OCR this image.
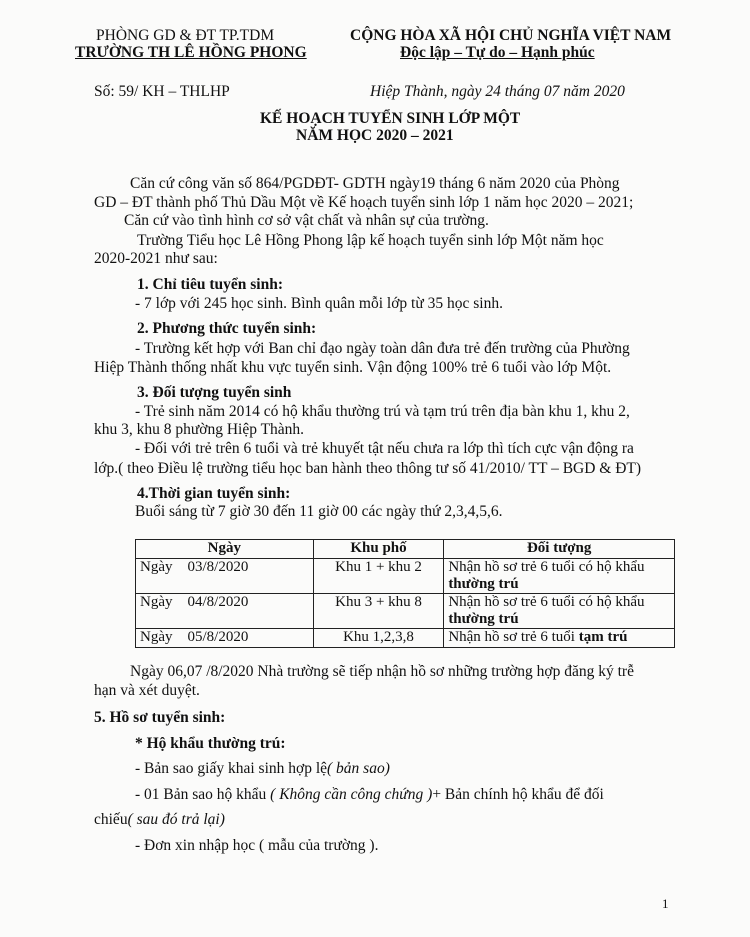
PHÒNG GD & ĐT TP.TDM
TRƯỜNG TH LÊ HỒNG PHONG
CỘNG HÒA XÃ HỘI CHỦ NGHĨA VIỆT NAM
Độc lập – Tự do – Hạnh phúc
Số: 59/ KH – THLHP	Hiệp Thành, ngày 24 tháng 07 năm 2020
KẾ HOẠCH TUYỂN SINH LỚP MỘT
NĂM HỌC 2020 – 2021
Căn cứ công văn số 864/PGDĐT- GDTH ngày19 tháng 6 năm 2020 của Phòng
GD – ĐT thành phố Thủ Dầu Một về Kế hoạch tuyển sinh lớp 1 năm học 2020 – 2021;
Căn cứ vào tình hình cơ sở vật chất và nhân sự của trường.
Trường Tiểu học Lê Hồng Phong lập kế hoạch tuyển sinh lớp Một năm học
2020-2021 như sau:
1. Chỉ tiêu tuyển sinh:
- 7 lớp với 245 học sinh. Bình quân mỗi lớp từ 35 học sinh.
2. Phương thức tuyển sinh:
- Trường kết hợp với Ban chỉ đạo ngày toàn dân đưa trẻ đến trường của Phường
Hiệp Thành thống nhất khu vực tuyển sinh. Vận động 100% trẻ 6 tuổi vào lớp Một.
3. Đối tượng tuyển sinh
- Trẻ sinh năm 2014 có hộ khẩu thường trú và tạm trú trên địa bàn khu 1, khu 2,
khu 3, khu 8 phường Hiệp Thành.
- Đối với trẻ trên 6 tuổi và trẻ khuyết tật nếu chưa ra lớp thì tích cực vận động ra
lớp.( theo Điều lệ trường tiểu học ban hành theo thông tư số 41/2010/ TT – BGD & ĐT)
4.Thời gian tuyển sinh:
Buổi sáng từ 7 giờ 30 đến 11 giờ 00 các ngày thứ 2,3,4,5,6.
Ngày	Khu phố	Đối tượng
Ngày    03/8/2020	Khu 1 + khu 2	Nhận hồ sơ trẻ 6 tuổi có hộ khẩu
thường trú
Ngày    04/8/2020	Khu 3 + khu 8	Nhận hồ sơ trẻ 6 tuổi có hộ khẩu
thường trú
Ngày    05/8/2020	Khu 1,2,3,8	Nhận hồ sơ trẻ 6 tuổi tạm trú
Ngày 06,07 /8/2020 Nhà trường sẽ tiếp nhận hồ sơ những trường hợp đăng ký trễ
hạn và xét duyệt.
5. Hồ sơ tuyển sinh:
* Hộ khẩu thường trú:
- Bản sao giấy khai sinh hợp lệ( bản sao)
- 01 Bản sao hộ khẩu ( Không cần công chứng )+ Bản chính hộ khẩu để đối
chiếu( sau đó trả lại)
- Đơn xin nhập học ( mẫu của trường ).
1
